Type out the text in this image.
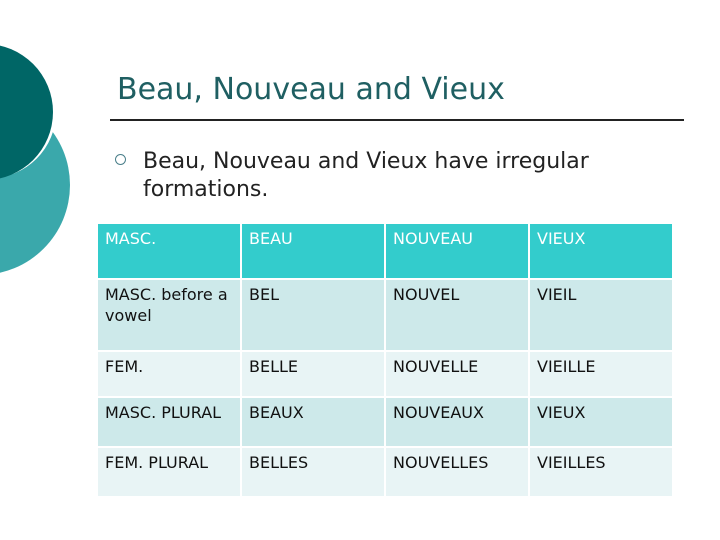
Beau, Nouveau and Vieux
Beau, Nouveau and Vieux have irregular formations.
MASC.	BEAU	NOUVEAU	VIEUX
MASC. before a vowel	BEL	NOUVEL	VIEIL
FEM.	BELLE	NOUVELLE	VIEILLE
MASC. PLURAL	BEAUX	NOUVEAUX	VIEUX
FEM. PLURAL	BELLES	NOUVELLES	VIEILLES
